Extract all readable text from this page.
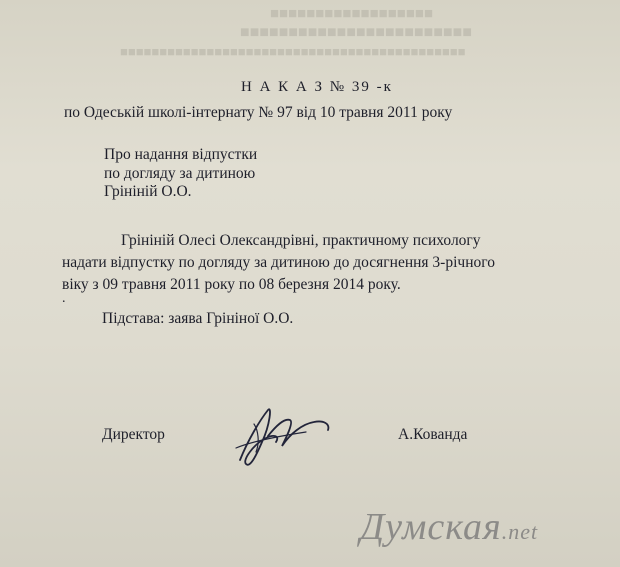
■■■■■■■■■■■■■■■■■■
■■■■■■■■■■■■■■■■■■■■■■■■
■■■■■■■■■■■■■■■■■■■■■■■■■■■■■■■■■■■■■■■■■■■■
Н А К А З № 39 -к
по Одеській школі-інтернату № 97 від 10 травня 2011 року
Про надання відпустки
по догляду за дитиною
Грініній О.О.
Грініній Олесі Олександрівні, практичному психологу
надати відпустку по догляду за дитиною до досягнення 3-річного
віку з 09 травня 2011 року по 08 березня 2014 року.
.
Підстава: заява Грініної О.О.
Директор	А.Кованда
Думская.net
